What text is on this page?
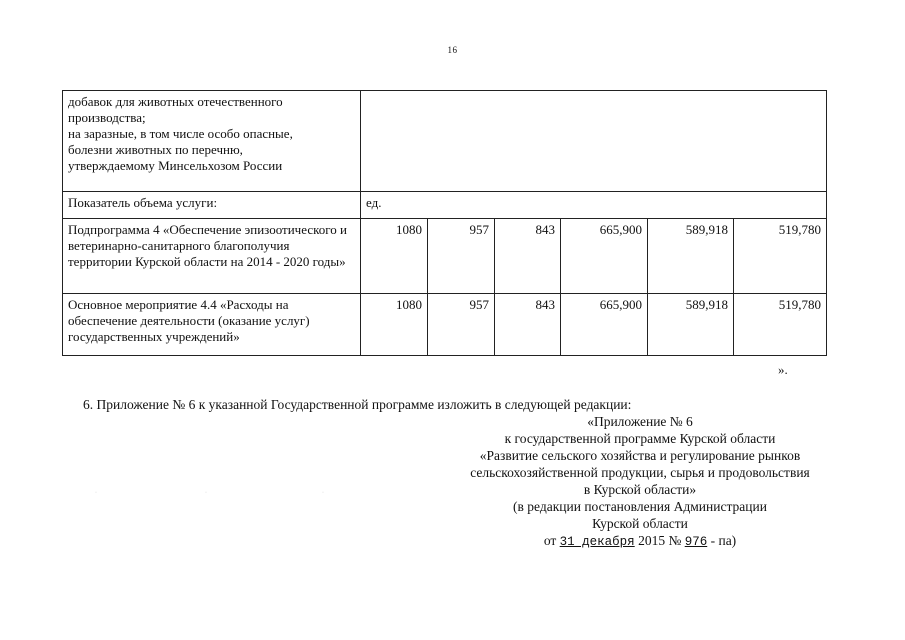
16
добавок для животных отечественного
производства;
на заразные, в том числе особо опасные,
болезни животных по перечню,
утверждаемому Минсельхозом России						

Показатель объема услуги:	ед.					
Подпрограмма 4 «Обеспечение эпизоотического и ветеринарно-санитарного благополучия территории Курской области на 2014 - 2020 годы»	1080	957	843	665,900	589,918	519,780
Основное мероприятие 4.4 «Расходы на обеспечение деятельности (оказание услуг) государственных учреждений»	1080	957	843	665,900	589,918	519,780
».
6. Приложение № 6 к указанной Государственной программе изложить в следующей редакции:
«Приложение № 6
к государственной программе Курской области
«Развитие сельского хозяйства и регулирование рынков
сельскохозяйственной продукции, сырья и продовольствия
в Курской области»
(в редакции постановления Администрации
Курской области
от 31 декабря 2015 № 976 - па)
·	·	·
